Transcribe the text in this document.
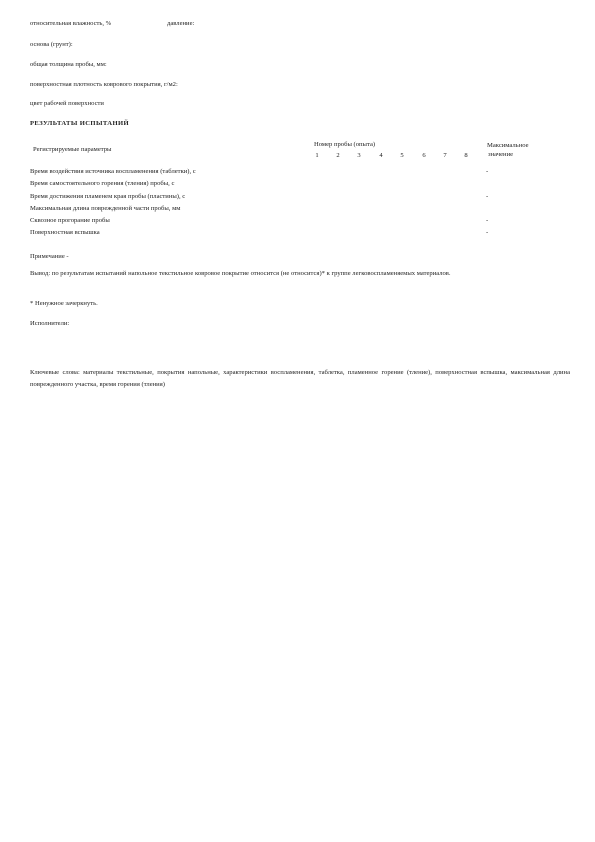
относительная влажность, %	давление:
основа (грунт):
общая толщина пробы, мм:
поверхностная плотность коврового покрытия, г/м2:
цвет рабочей поверхности
РЕЗУЛЬТАТЫ ИСПЫТАНИЙ
Регистрируемые параметры
Номер пробы (опыта)	Максимальное
значение
1	2	3	4	5	6	7	8
Время воздействия источника воспламенения (таблетки), с	-
Время самостоятельного горения (тления) пробы, с
Время достижения пламенем края пробы (пластины), с	-
Максимальная длина поврежденной части пробы, мм
Сквозное прогорание пробы	-
Поверхностная вспышка	-
Примечание -
Вывод: по результатам испытаний напольное текстильное ковровое покрытие относится (не относится)* к группе легковоспламеняемых материалов.
* Ненужное зачеркнуть.
Исполнители:
Ключевые слова: материалы текстильные, покрытия напольные, характеристики воспламенения, таблетка, пламенное горение (тление), поверхностная вспышка, максимальная длина поврежденного участка, время горения (тления)
